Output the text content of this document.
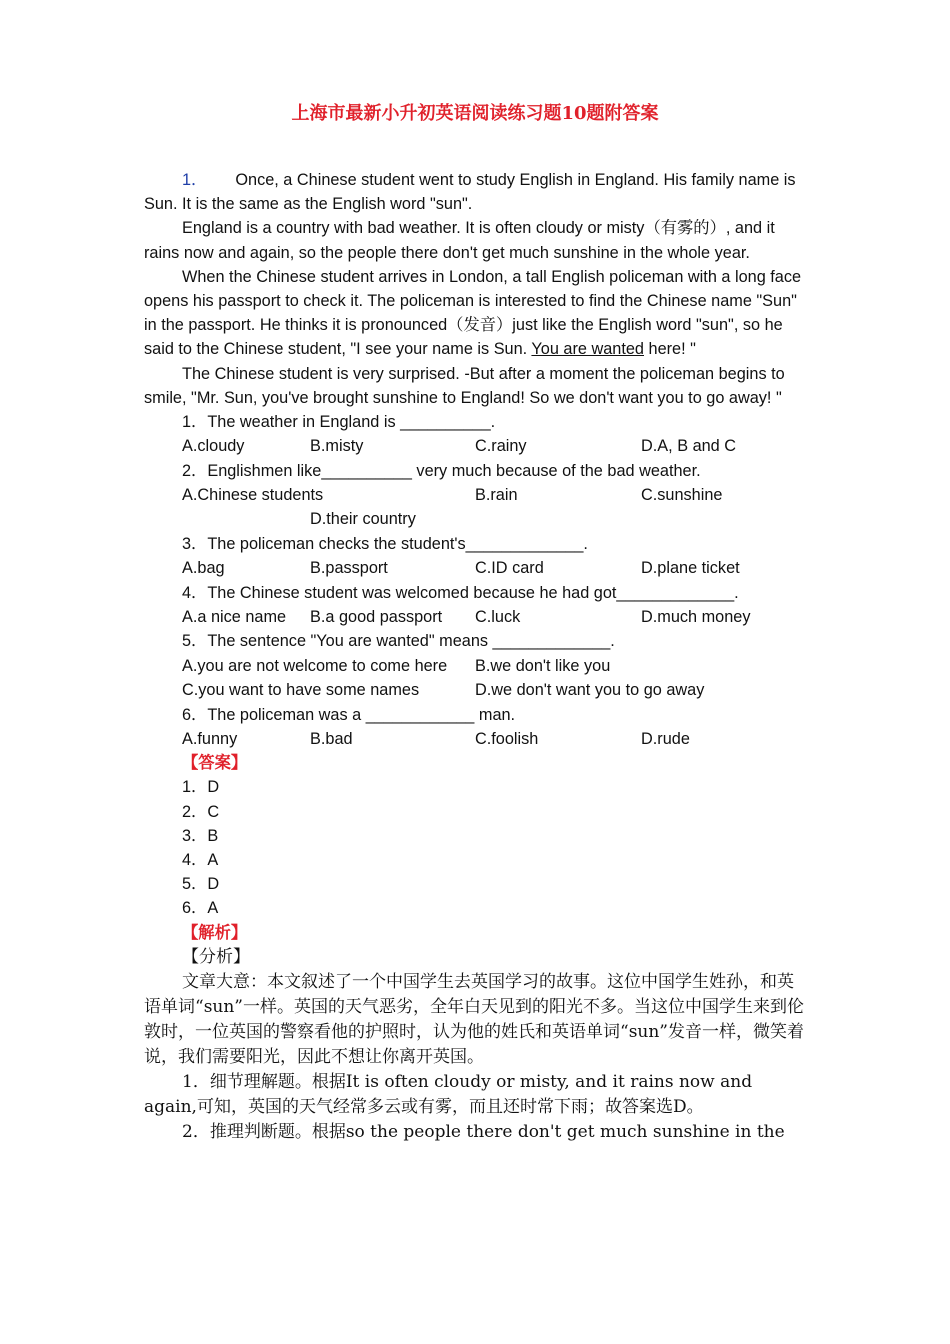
上海市最新小升初英语阅读练习题10题附答案

1． Once, a Chinese student went to study English in England. His family name is Sun. It is the same as the English word "sun".

England is a country with bad weather. It is often cloudy or misty（有雾的）, and it rains now and again, so the people there don't get much sunshine in the whole year.

When the Chinese student arrives in London, a tall English policeman with a long face opens his passport to check it. The policeman is interested to find the Chinese name "Sun" in the passport. He thinks it is pronounced（发音）just like the English word "sun", so he said to the Chinese student, "I see your name is Sun. You are wanted here! "

The Chinese student is very surprised. -But after a moment the policeman begins to smile, "Mr. Sun, you've brought sunshine to England! So we don't want you to go away! "

1．The weather in England is __________.

A.cloudy	B.misty	C.rainy	D.A, B and C

2．Englishmen like__________ very much because of the bad weather.

A.Chinese students	B.rain	C.sunshine
D.their country

3．The policeman checks the student's_____________.

A.bag	B.passport	C.ID card	D.plane ticket

4．The Chinese student was welcomed because he had got_____________.

A.a nice name B.a good passport C.luck	D.much money

5．The sentence "You are wanted" means _____________.

A.you are not welcome to come here B.we don't like you
C.you want to have some names	D.we don't want you to go away

6．The policeman was a ____________ man.

A.funny	B.bad	C.foolish	D.rude

【答案】

1．D

2．C

3．B

4．A

5．D

6．A

【解析】

【分析】

文章大意：本文叙述了一个中国学生去英国学习的故事。这位中国学生姓孙，和英语单词“sun”一样。英国的天气恶劣，全年白天见到的阳光不多。当这位中国学生来到伦敦时，一位英国的警察看他的护照时，认为他的姓氏和英语单词“sun”发音一样，微笑着说，我们需要阳光，因此不想让你离开英国。

1．细节理解题。根据It is often cloudy or misty, and it rains now and again,可知，英国的天气经常多云或有雾，而且还时常下雨；故答案选D。

2．推理判断题。根据so the people there don't get much sunshine in the
